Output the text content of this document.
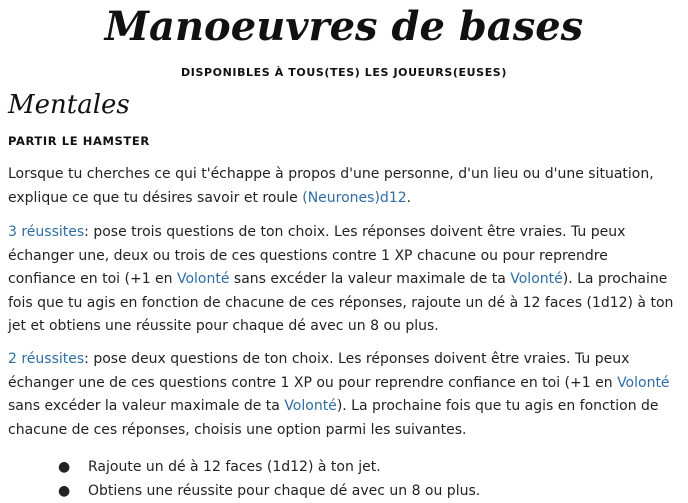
Manoeuvres de bases
DISPONIBLES À TOUS(TES) LES JOUEURS(EUSES)
Mentales
PARTIR LE HAMSTER
Lorsque tu cherches ce qui t'échappe à propos d'une personne, d'un lieu ou d'une situation, explique ce que tu désires savoir et roule (Neurones)d12.
3 réussites: pose trois questions de ton choix. Les réponses doivent être vraies. Tu peux échanger une, deux ou trois de ces questions contre 1 XP chacune ou pour reprendre confiance en toi (+1 en Volonté sans excéder la valeur maximale de ta Volonté). La prochaine fois que tu agis en fonction de chacune de ces réponses, rajoute un dé à 12 faces (1d12) à ton jet et obtiens une réussite pour chaque dé avec un 8 ou plus.
2 réussites: pose deux questions de ton choix. Les réponses doivent être vraies. Tu peux échanger une de ces questions contre 1 XP ou pour reprendre confiance en toi (+1 en Volonté sans excéder la valeur maximale de ta Volonté). La prochaine fois que tu agis en fonction de chacune de ces réponses, choisis une option parmi les suivantes.
● Rajoute un dé à 12 faces (1d12) à ton jet.
● Obtiens une réussite pour chaque dé avec un 8 ou plus.
